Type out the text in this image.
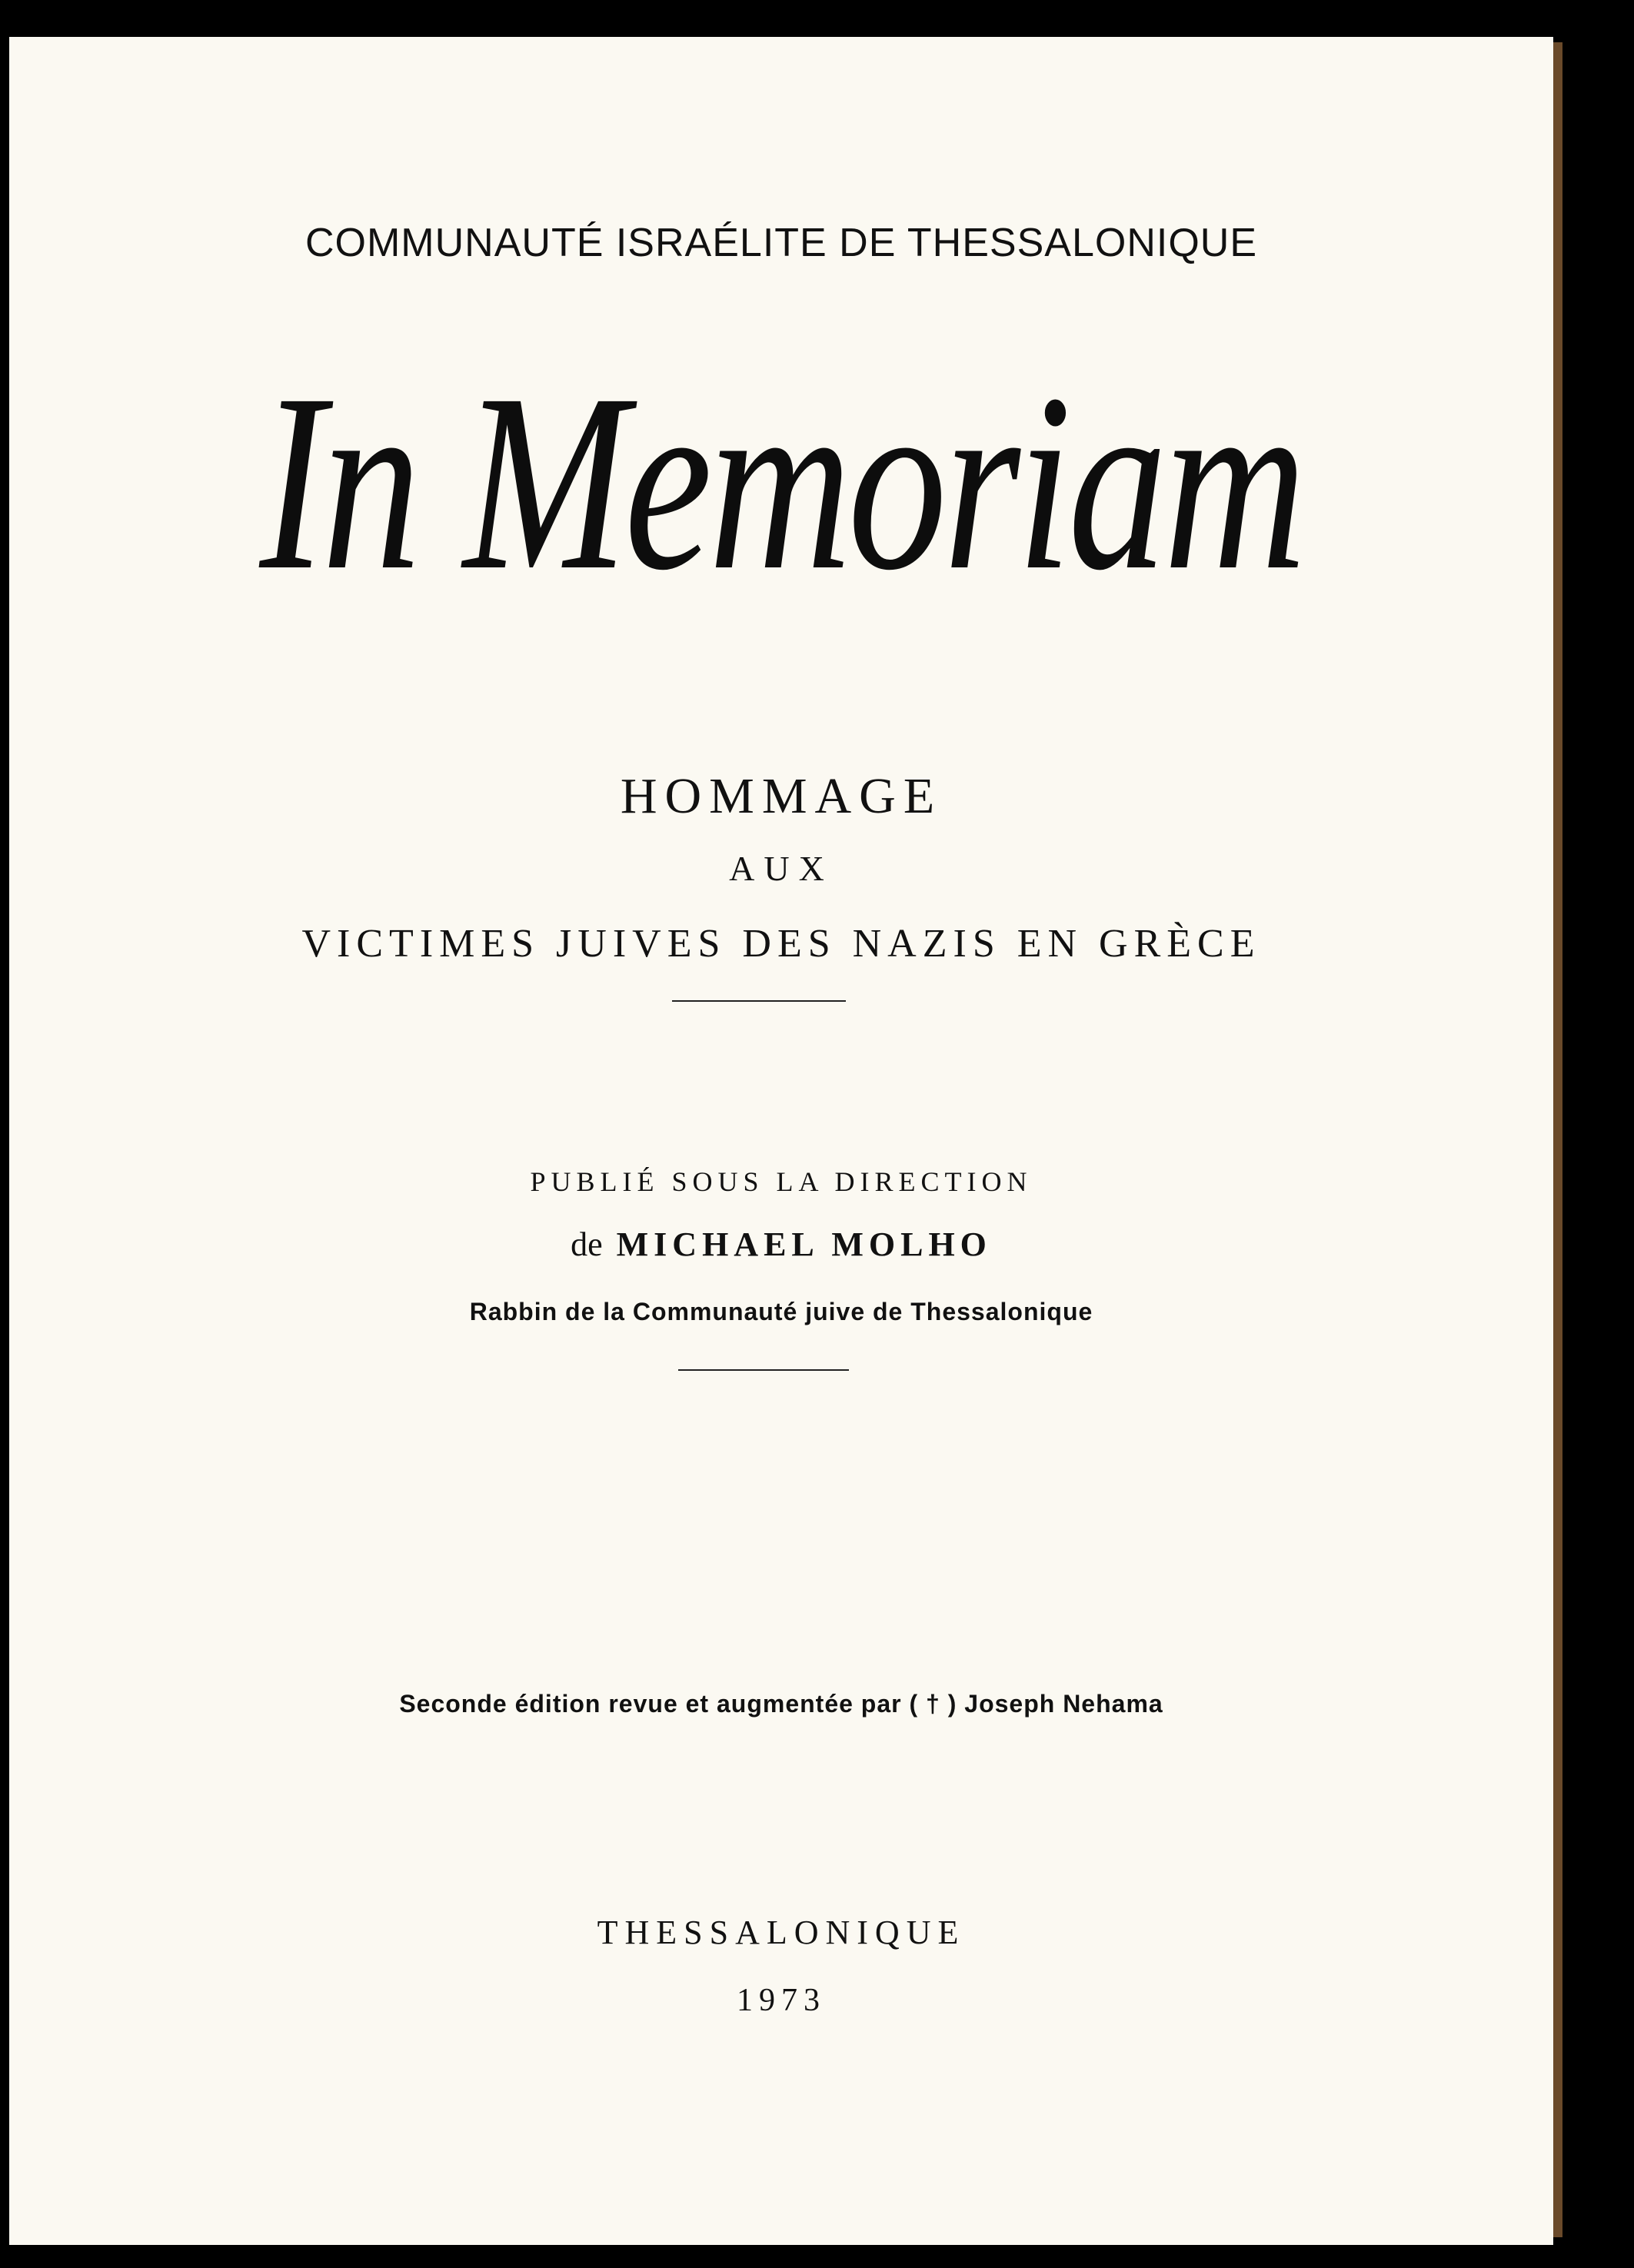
COMMUNAUTÉ ISRAÉLITE DE THESSALONIQUE
In Memoriam
HOMMAGE
AUX
VICTIMES JUIVES DES NAZIS EN GRÈCE
PUBLIÉ SOUS LA DIRECTION
de MICHAEL MOLHO
Rabbin de la Communauté juive de Thessalonique
Seconde édition revue et augmentée par ( † ) Joseph Nehama
THESSALONIQUE
1973
